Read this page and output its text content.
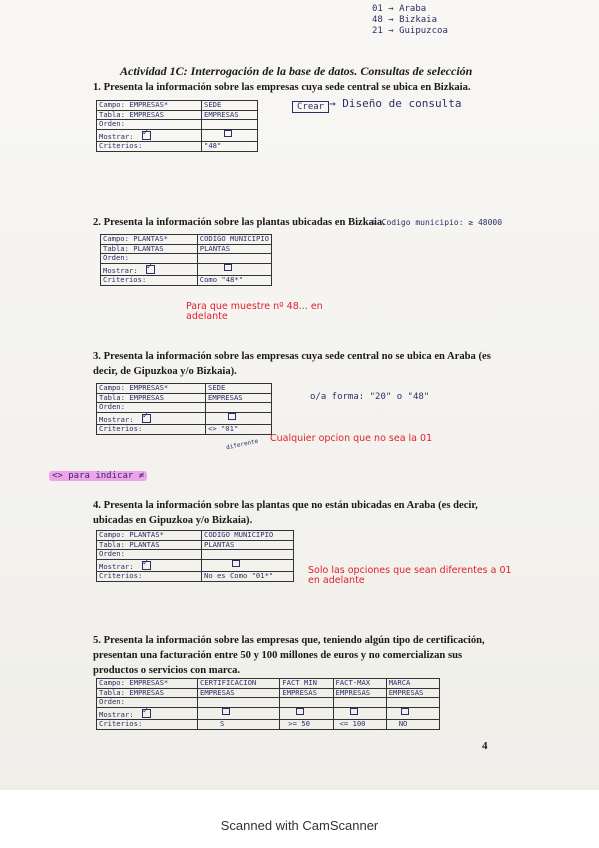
01 → Araba
48 → Bizkaia
21 → Guipuzcoa
Actividad 1C: Interrogación de la base de datos. Consultas de selección
1. Presenta la información sobre las empresas cuya sede central se ubica en Bizkaia.
Campo: EMPRESAS*	SEDE
Tabla: EMPRESAS	EMPRESAS
Orden:	
Mostrar: ✓	
Criterios:	"48"
Crear → Diseño de consulta
2. Presenta la información sobre las plantas ubicadas en Bizkaia.
↳ Codigo municipio: ≥ 48000
Campo: PLANTAS*	CODIGO MUNICIPIO
Tabla: PLANTAS	PLANTAS
Orden:	
Mostrar: ✓	
Criterios:	Como "48*"
Para que muestre nº 48... en adelante
3. Presenta la información sobre las empresas cuya sede central no se ubica en Araba (es decir, de Gipuzkoa y/o Bizkaia).
Campo: EMPRESAS*	SEDE
Tabla: EMPRESAS	EMPRESAS
Orden:	
Mostrar: ✓	
Criterios:	<> "01"
o/a forma: "20" o "48"
Cualquier opcion que no sea la 01
diferente
<> para indicar ≠
4. Presenta la información sobre las plantas que no están ubicadas en Araba (es decir, ubicadas en Gipuzkoa y/o Bizkaia).
Campo: PLANTAS*	CODIGO MUNICIPIO
Tabla: PLANTAS	PLANTAS
Orden:	
Mostrar: ✓	
Criterios:	No es Como "01*"	Solo las opciones que sean diferentes a 01 en adelante
5. Presenta la información sobre las empresas que, teniendo algún tipo de certificación, presentan una facturación entre 50 y 100 millones de euros y no comercializan sus productos o servicios con marca.
Campo: EMPRESAS*	CERTIFICACION	FACT MIN	FACT-MAX	MARCA
Tabla: EMPRESAS	EMPRESAS	EMPRESAS	EMPRESAS	EMPRESAS
Orden:				
Mostrar: ✓				
Criterios:	S	>= 50	<= 100	NO
4
Scanned with CamScanner
